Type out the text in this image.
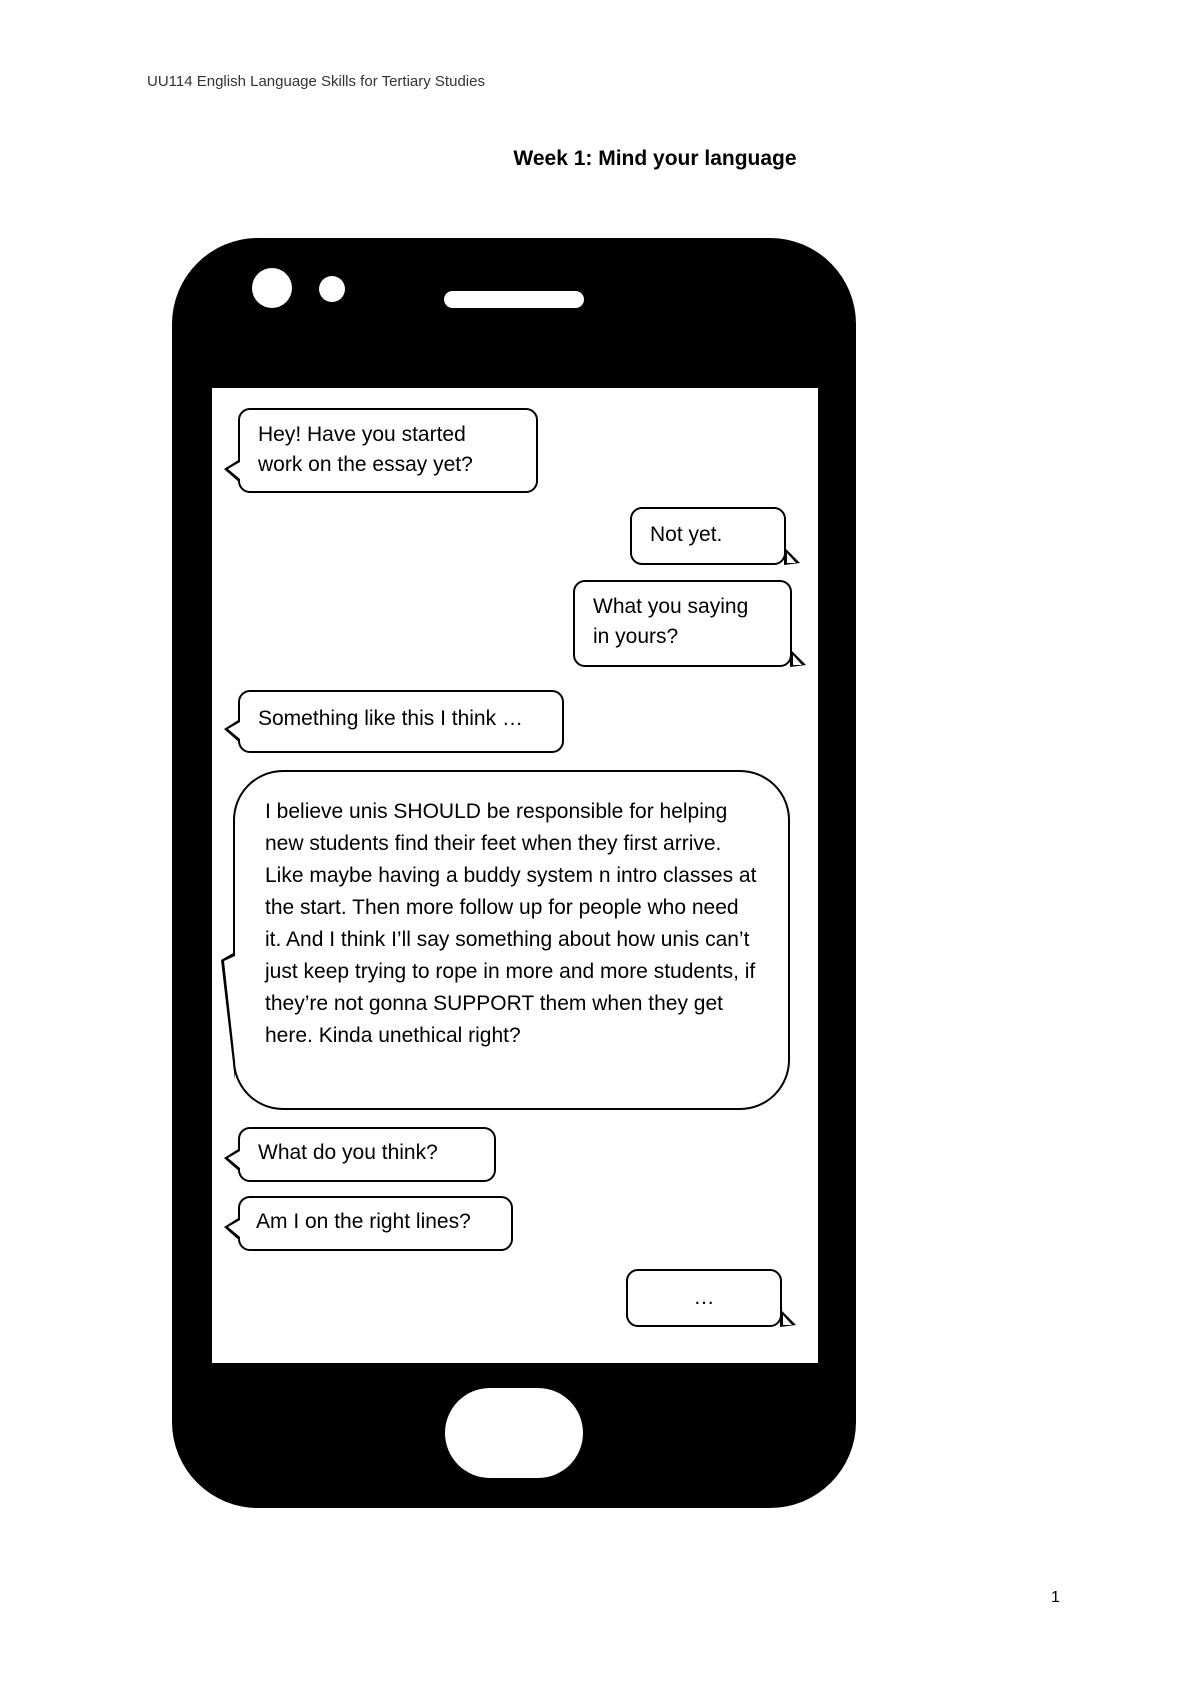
UU114 English Language Skills for Tertiary Studies
Week 1: Mind your language
Hey! Have you started
work on the essay yet?
Not yet.
What you saying
in yours?
Something like this I think …
I believe unis SHOULD be responsible for helping new students find their feet when they first arrive. Like maybe having a buddy system n intro classes at the start. Then more follow up for people who need it. And I think I’ll say something about how unis can’t just keep trying to rope in more and more students, if they’re not gonna SUPPORT them when they get here. Kinda unethical right?
What do you think?
Am I on the right lines?
…
1
